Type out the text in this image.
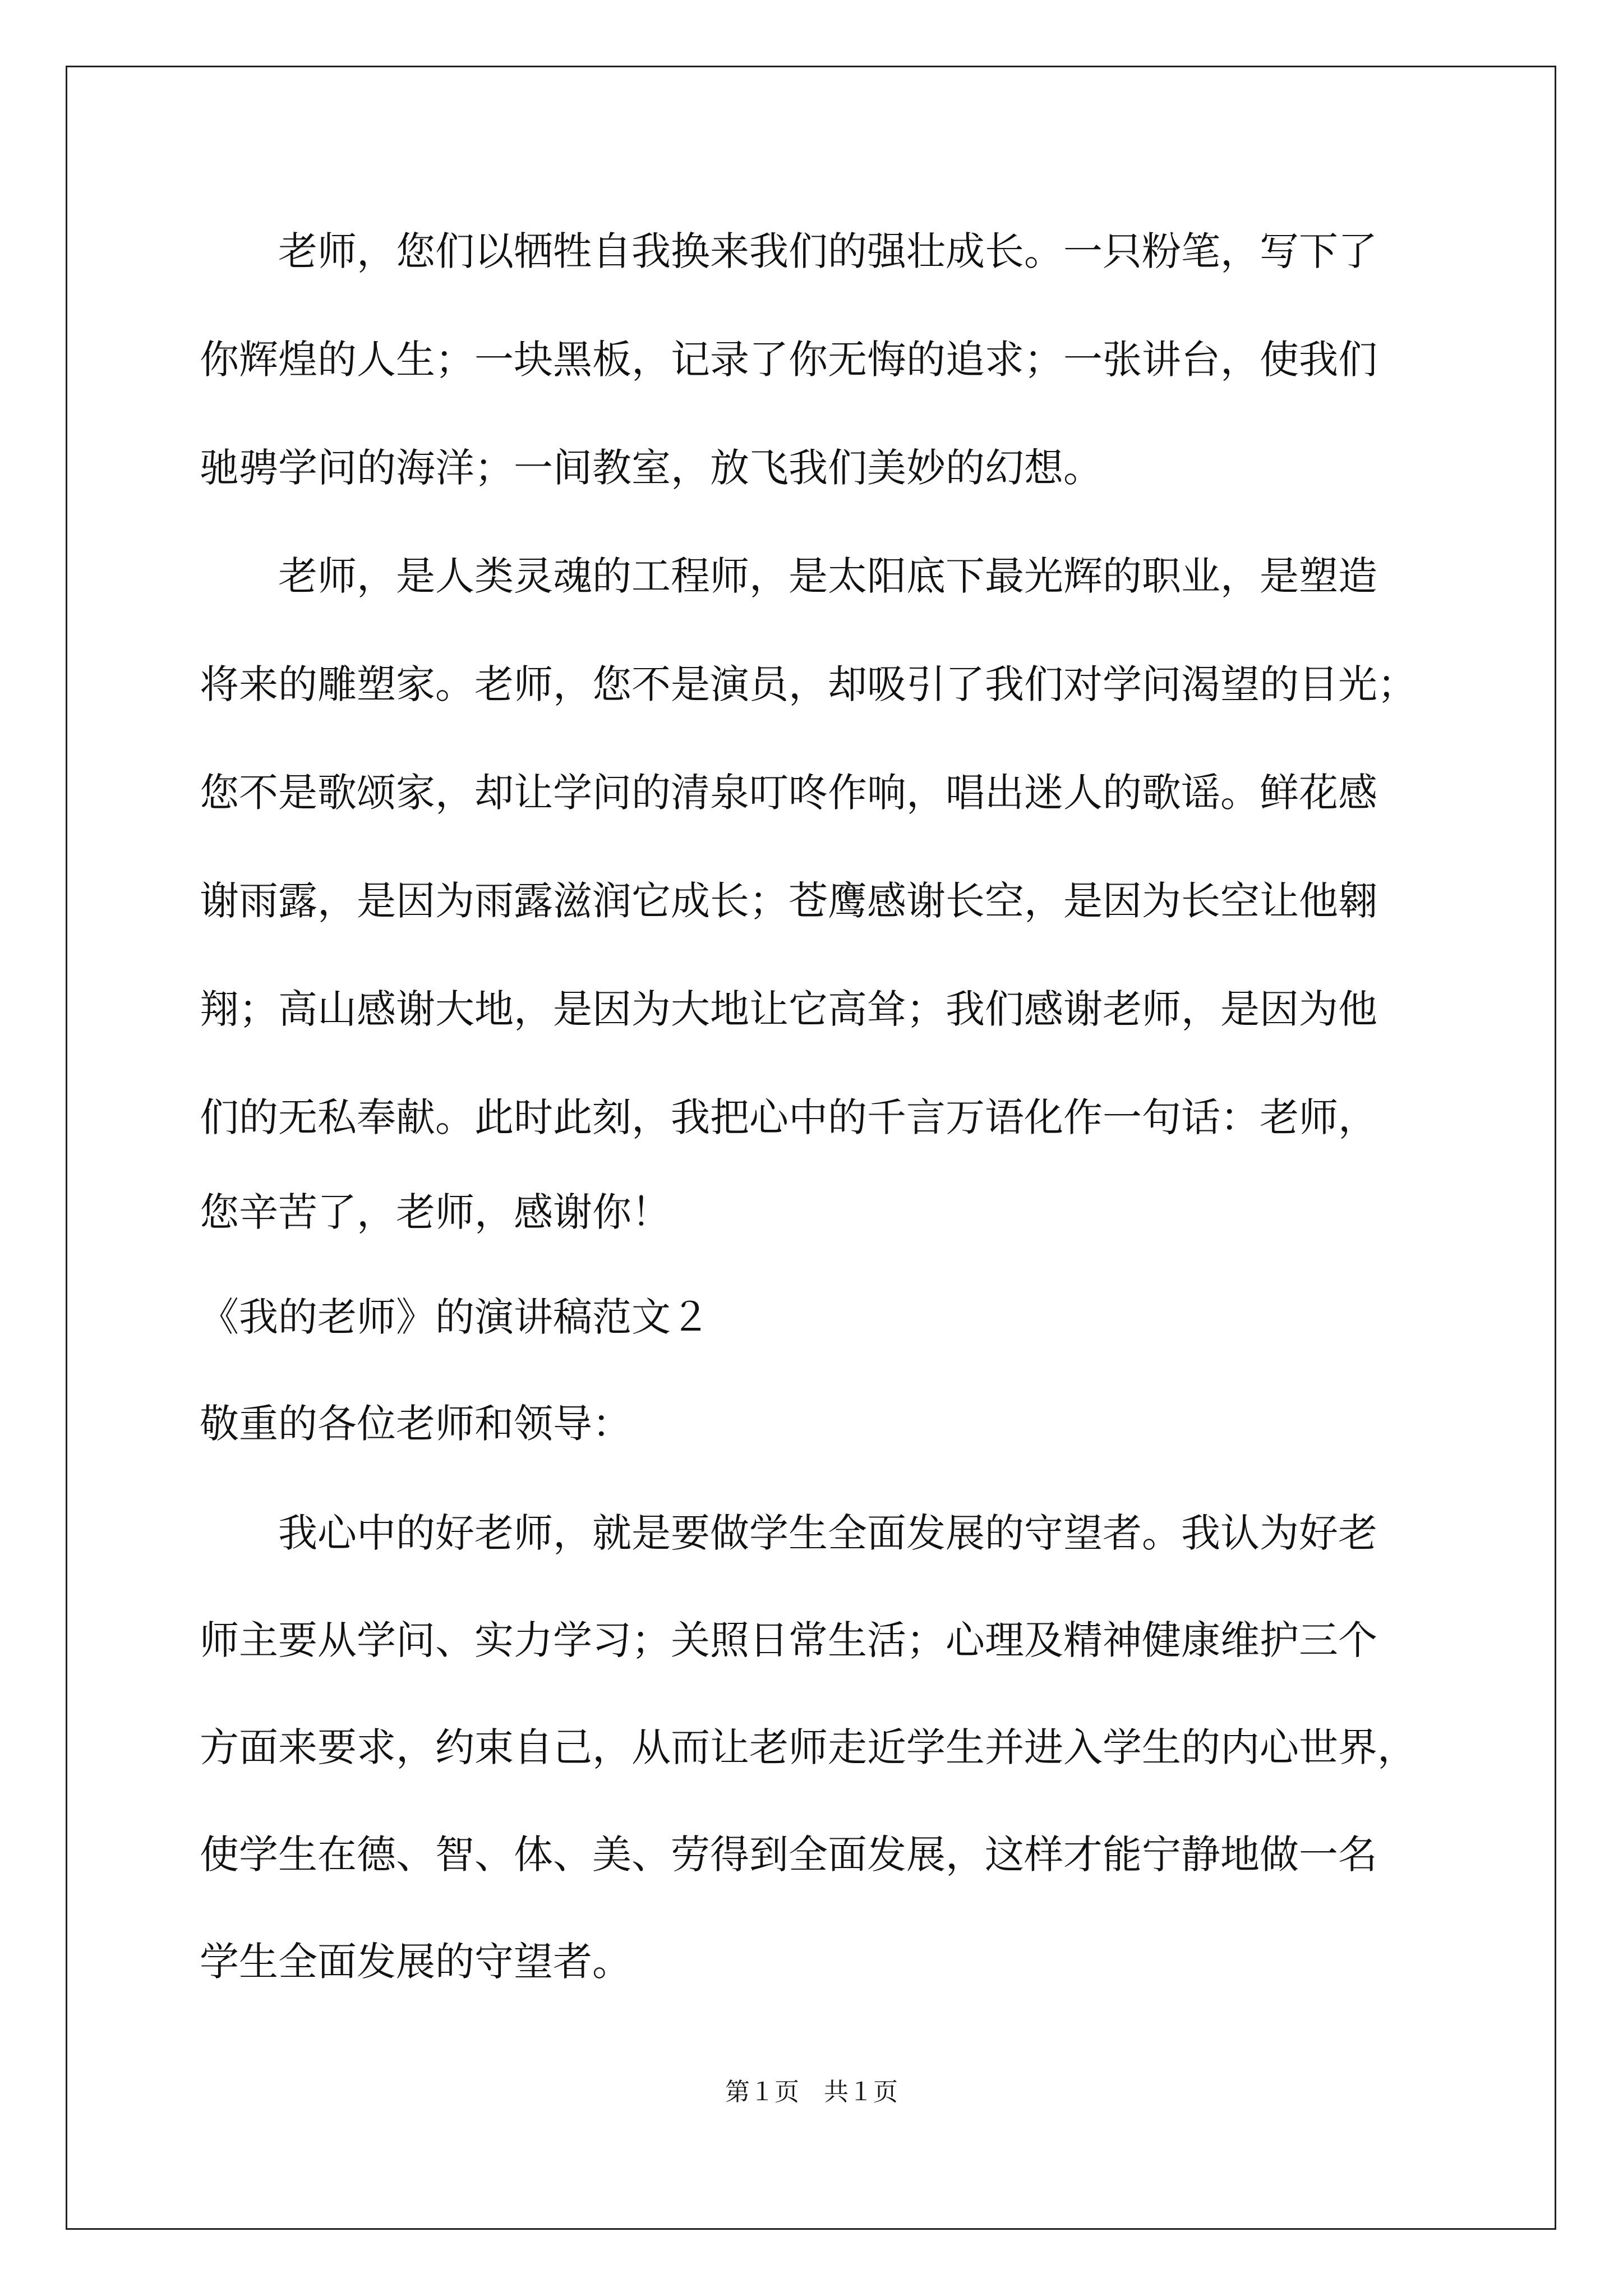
老师，您们以牺牲自我换来我们的强壮成长。一只粉笔，写下了
你辉煌的人生；一块黑板，记录了你无悔的追求；一张讲台，使我们
驰骋学问的海洋；一间教室，放飞我们美妙的幻想。
老师，是人类灵魂的工程师，是太阳底下最光辉的职业，是塑造
将来的雕塑家。老师，您不是演员，却吸引了我们对学问渴望的目光；
您不是歌颂家，却让学问的清泉叮咚作响，唱出迷人的歌谣。鲜花感
谢雨露，是因为雨露滋润它成长；苍鹰感谢长空，是因为长空让他翱
翔；高山感谢大地，是因为大地让它高耸；我们感谢老师，是因为他
们的无私奉献。此时此刻，我把心中的千言万语化作一句话：老师，
您辛苦了，老师，感谢你！
《我的老师》的演讲稿范文２
敬重的各位老师和领导：
我心中的好老师，就是要做学生全面发展的守望者。我认为好老
师主要从学问、实力学习；关照日常生活；心理及精神健康维护三个
方面来要求，约束自己，从而让老师走近学生并进入学生的内心世界，
使学生在德、智、体、美、劳得到全面发展，这样才能宁静地做一名
学生全面发展的守望者。
第１页　共１页
